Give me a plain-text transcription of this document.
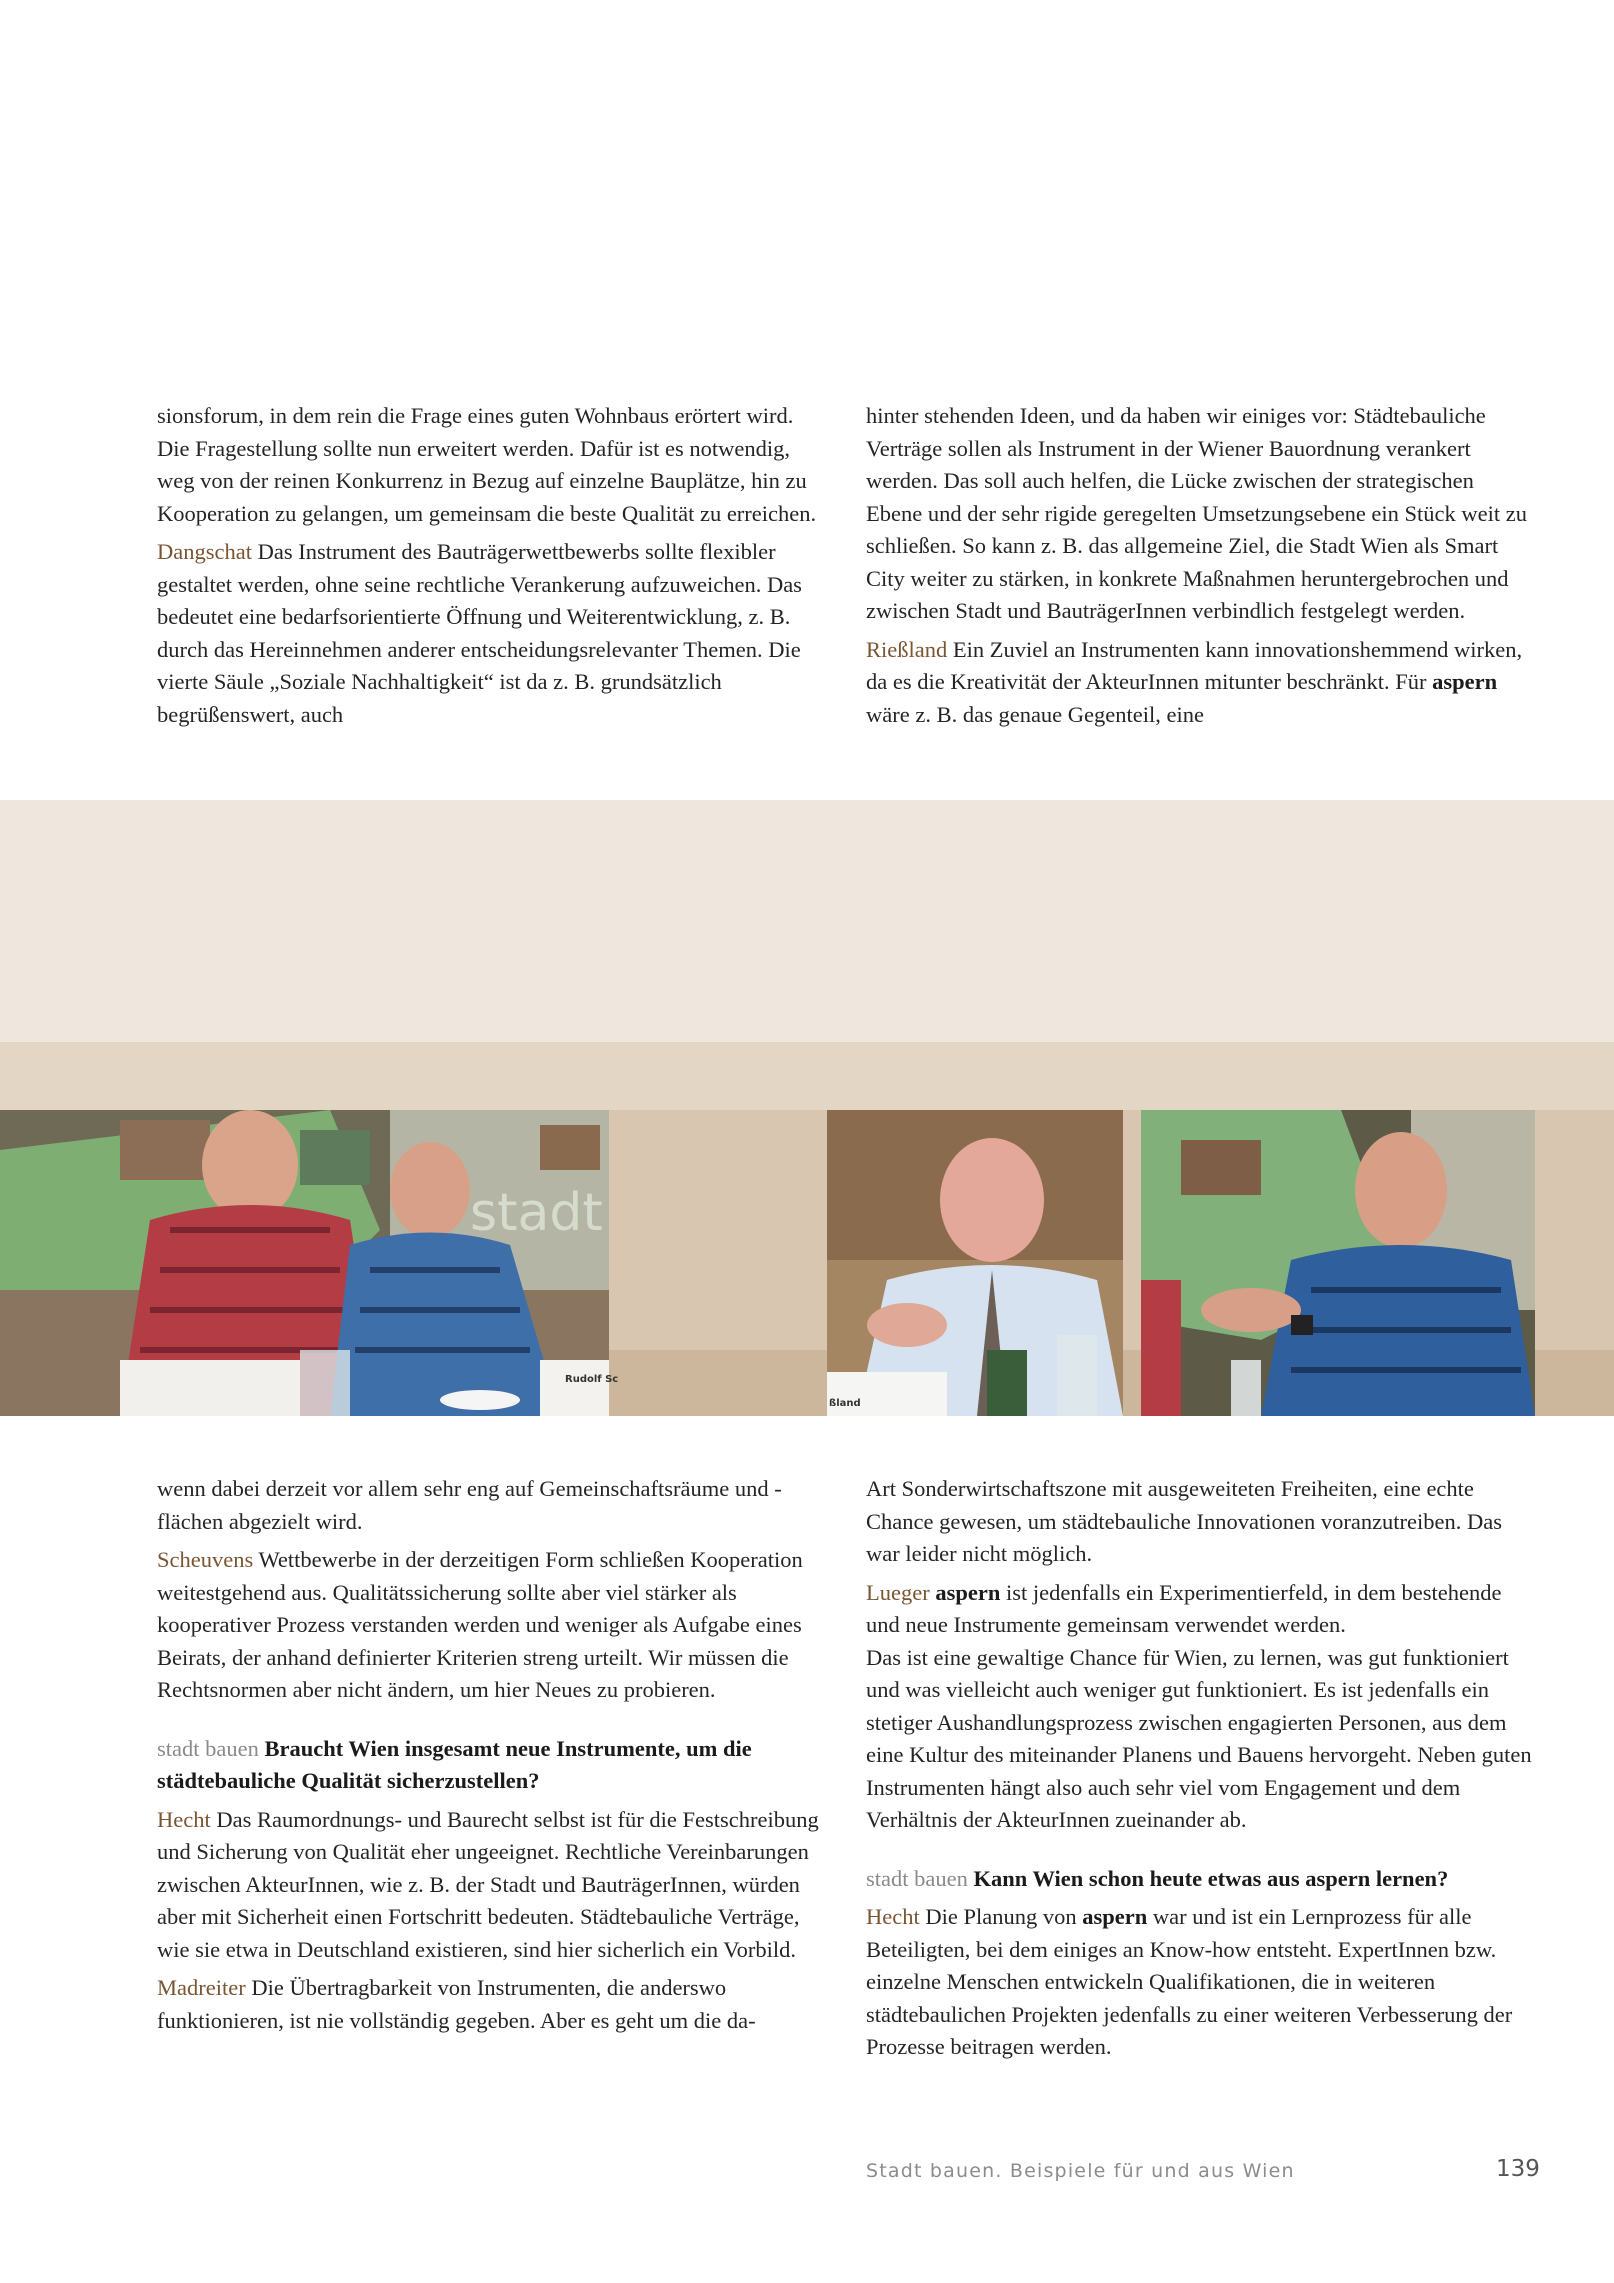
sionsforum, in dem rein die Frage eines guten Wohnbaus erörtert wird. Die Fragestellung sollte nun erweitert werden. Dafür ist es notwendig, weg von der reinen Konkurrenz in Bezug auf einzelne Bauplätze, hin zu Kooperation zu gelangen, um gemeinsam die beste Qualität zu erreichen.

Dangschat Das Instrument des Bauträgerwettbewerbs sollte flexibler gestaltet werden, ohne seine rechtliche Verankerung aufzuweichen. Das bedeutet eine bedarfsorientierte Öffnung und Weiterentwicklung, z. B. durch das Hereinnehmen anderer entscheidungsrelevanter Themen. Die vierte Säule „Soziale Nachhaltigkeit“ ist da z. B. grundsätzlich begrüßenswert, auch

hinter stehenden Ideen, und da haben wir einiges vor: Städtebauliche Verträge sollen als Instrument in der Wiener Bauordnung verankert werden. Das soll auch helfen, die Lücke zwischen der strategischen Ebene und der sehr rigide geregelten Umsetzungsebene ein Stück weit zu schließen. So kann z. B. das allgemeine Ziel, die Stadt Wien als Smart City weiter zu stärken, in konkrete Maßnahmen heruntergebrochen und zwischen Stadt und BauträgerInnen verbindlich festgelegt werden.

Rießland Ein Zuviel an Instrumenten kann innovationshemmend wirken, da es die Kreativität der AkteurInnen mitunter beschränkt. Für aspern wäre z. B. das genaue Gegenteil, eine

stadt
Rudolf Sc
ßland

wenn dabei derzeit vor allem sehr eng auf Gemeinschaftsräume und -flächen abgezielt wird.

Scheuvens Wettbewerbe in der derzeitigen Form schließen Kooperation weitestgehend aus. Qualitätssicherung sollte aber viel stärker als kooperativer Prozess verstanden werden und weniger als Aufgabe eines Beirats, der anhand definierter Kriterien streng urteilt. Wir müssen die Rechtsnormen aber nicht ändern, um hier Neues zu probieren.

stadt bauen Braucht Wien insgesamt neue Instrumente, um die städtebauliche Qualität sicherzustellen?

Hecht Das Raumordnungs- und Baurecht selbst ist für die Festschreibung und Sicherung von Qualität eher ungeeignet. Rechtliche Vereinbarungen zwischen AkteurInnen, wie z. B. der Stadt und BauträgerInnen, würden aber mit Sicherheit einen Fortschritt bedeuten. Städtebauliche Verträge, wie sie etwa in Deutschland existieren, sind hier sicherlich ein Vorbild.

Madreiter Die Übertragbarkeit von Instrumenten, die anderswo funktionieren, ist nie vollständig gegeben. Aber es geht um die da-

Art Sonderwirtschaftszone mit ausgeweiteten Freiheiten, eine echte Chance gewesen, um städtebauliche Innovationen voranzutreiben. Das war leider nicht möglich.

Lueger aspern ist jedenfalls ein Experimentierfeld, in dem bestehende und neue Instrumente gemeinsam verwendet werden.

Das ist eine gewaltige Chance für Wien, zu lernen, was gut funktioniert und was vielleicht auch weniger gut funktioniert. Es ist jedenfalls ein stetiger Aushandlungsprozess zwischen engagierten Personen, aus dem eine Kultur des miteinander Planens und Bauens hervorgeht. Neben guten Instrumenten hängt also auch sehr viel vom Engagement und dem Verhältnis der AkteurInnen zueinander ab.

stadt bauen Kann Wien schon heute etwas aus aspern lernen?

Hecht Die Planung von aspern war und ist ein Lernprozess für alle Beteiligten, bei dem einiges an Know-how entsteht. ExpertInnen bzw. einzelne Menschen entwickeln Qualifikationen, die in weiteren städtebaulichen Projekten jedenfalls zu einer weiteren Verbesserung der Prozesse beitragen werden.

Stadt bauen. Beispiele für und aus Wien	139
